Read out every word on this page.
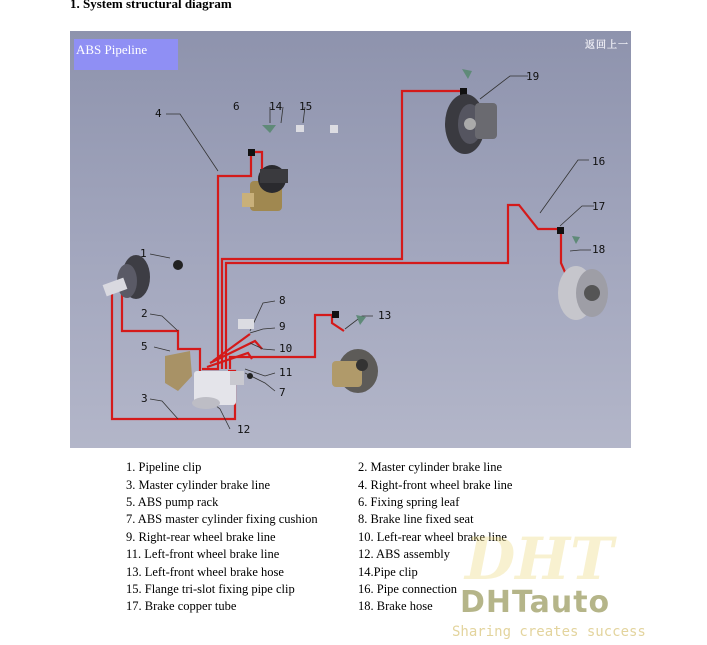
1. System structural diagram
ABS Pipeline	返回上一
1
2
3
4
5
6
7
8
9
10
11
12
13
14 15
16
17
18
19
1. Pipeline clip	2. Master cylinder brake line
3. Master cylinder brake line	4. Right-front wheel brake line
5. ABS pump rack	6. Fixing spring leaf
7. ABS master cylinder fixing cushion	8. Brake line fixed seat
9. Right-rear wheel brake line	10. Left-rear wheel brake line
11. Left-front wheel brake line	12. ABS assembly
13. Left-front wheel brake hose	14.Pipe clip
15. Flange tri-slot fixing pipe clip	16. Pipe connection
17. Brake copper tube	18. Brake hose
DHT
DHTauto
Sharing creates success
